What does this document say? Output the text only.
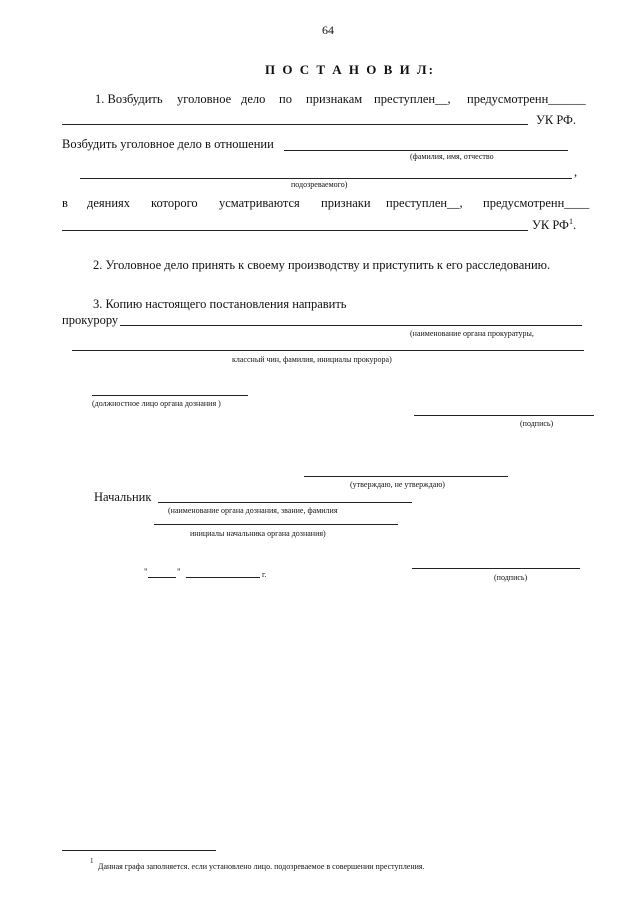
64
П О С Т А Н О В И Л:
1. Возбудить уголовное дело по признакам преступлен__, предусмотренн______
УК РФ.
Возбудить уголовное дело в отношении
(фамилия, имя, отчество
,
подозреваемого)
в деяниях которого усматриваются признаки преступлен__, предусмотренн____
УК $РФ^1$.
2. Уголовное дело принять к своему производству и приступить к его расследованию.
3. Копию настоящего постановления направить
прокурору
(наименование органа прокуратуры,
классный чин, фамилия, инициалы прокурора)
(должностное лицо органа дознания )
(подпись)
(утверждаю, не утверждаю)
Начальник
(наименование органа дознания, звание, фамилия
инициалы начальника органа дознания)
"	"	г.	(подпись)
1
Данная графа заполняется. если установлено лицо. подозреваемое в совершении преступления.
